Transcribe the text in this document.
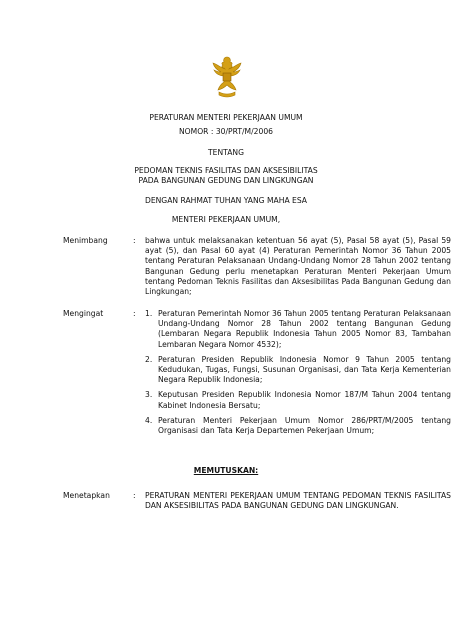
PERATURAN MENTERI PEKERJAAN UMUM
NOMOR : 30/PRT/M/2006
TENTANG
PEDOMAN TEKNIS FASILITAS DAN AKSESIBILITAS
PADA BANGUNAN GEDUNG DAN LINGKUNGAN
DENGAN RAHMAT TUHAN YANG MAHA ESA
MENTERI PEKERJAAN UMUM,
Menimbang	: bahwa untuk melaksanakan ketentuan 56 ayat (5), Pasal 58 ayat (5), Pasal 59 ayat (5), dan Pasal 60 ayat (4) Peraturan Pemerintah Nomor 36 Tahun 2005 tentang Peraturan Pelaksanaan Undang-Undang Nomor 28 Tahun 2002 tentang Bangunan Gedung perlu menetapkan Peraturan Menteri Pekerjaan Umum tentang Pedoman Teknis Fasilitas dan Aksesibilitas Pada Bangunan Gedung dan Lingkungan;
Mengingat	: 1. Peraturan Pemerintah Nomor 36 Tahun 2005 tentang Peraturan Pelaksanaan Undang-Undang Nomor 28 Tahun 2002 tentang Bangunan Gedung (Lembaran Negara Republik Indonesia Tahun 2005 Nomor 83, Tambahan Lembaran Negara Nomor 4532);
2. Peraturan Presiden Republik Indonesia Nomor 9 Tahun 2005 tentang Kedudukan, Tugas, Fungsi, Susunan Organisasi, dan Tata Kerja Kementerian Negara Republik Indonesia;
3. Keputusan Presiden Republik Indonesia Nomor 187/M Tahun 2004 tentang Kabinet Indonesia Bersatu;
4. Peraturan Menteri Pekerjaan Umum Nomor 286/PRT/M/2005 tentang Organisasi dan Tata Kerja Departemen Pekerjaan Umum;
MEMUTUSKAN:
Menetapkan	: PERATURAN MENTERI PEKERJAAN UMUM TENTANG PEDOMAN TEKNIS FASILITAS DAN AKSESIBILITAS PADA BANGUNAN GEDUNG DAN LINGKUNGAN.
